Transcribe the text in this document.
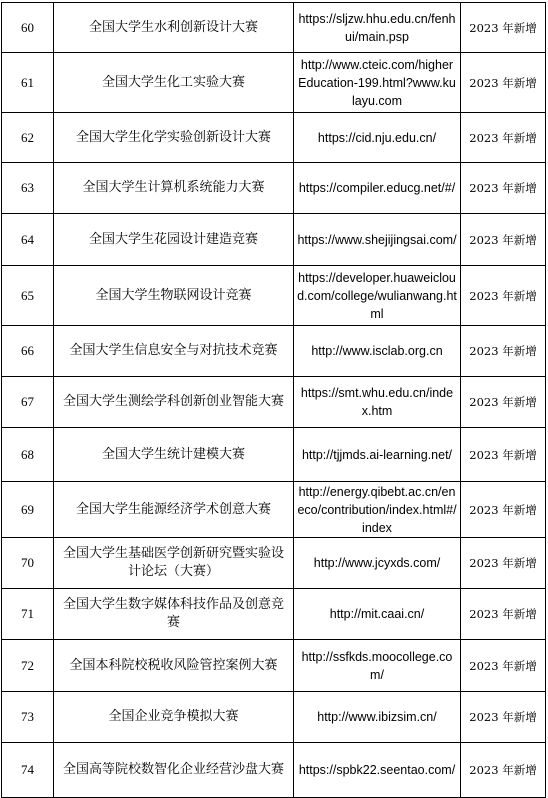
60	全国大学生水利创新设计大赛	https://sljzw.hhu.edu.cn/fenhui/main.psp	2023 年新增
61	全国大学生化工实验大赛	http://www.cteic.com/higherEducation-199.html?www.kulayu.com	2023 年新增
62	全国大学生化学实验创新设计大赛	https://cid.nju.edu.cn/	2023 年新增
63	全国大学生计算机系统能力大赛	https://compiler.educg.net/#/	2023 年新增
64	全国大学生花园设计建造竞赛	https://www.shejijingsai.com/	2023 年新增
65	全国大学生物联网设计竞赛	https://developer.huaweicloud.com/college/wulianwang.html	2023 年新增
66	全国大学生信息安全与对抗技术竞赛	http://www.isclab.org.cn	2023 年新增
67	全国大学生测绘学科创新创业智能大赛	https://smt.whu.edu.cn/index.htm	2023 年新增
68	全国大学生统计建模大赛	http://tjjmds.ai-learning.net/	2023 年新增
69	全国大学生能源经济学术创意大赛	http://energy.qibebt.ac.cn/eneco/contribution/index.html#/index	2023 年新增
70	全国大学生基础医学创新研究暨实验设计论坛（大赛）	http://www.jcyxds.com/	2023 年新增
71	全国大学生数字媒体科技作品及创意竞赛	http://mit.caai.cn/	2023 年新增
72	全国本科院校税收风险管控案例大赛	http://ssfkds.moocollege.com/	2023 年新增
73	全国企业竞争模拟大赛	http://www.ibizsim.cn/	2023 年新增
74	全国高等院校数智化企业经营沙盘大赛	https://spbk22.seentao.com/	2023 年新增
